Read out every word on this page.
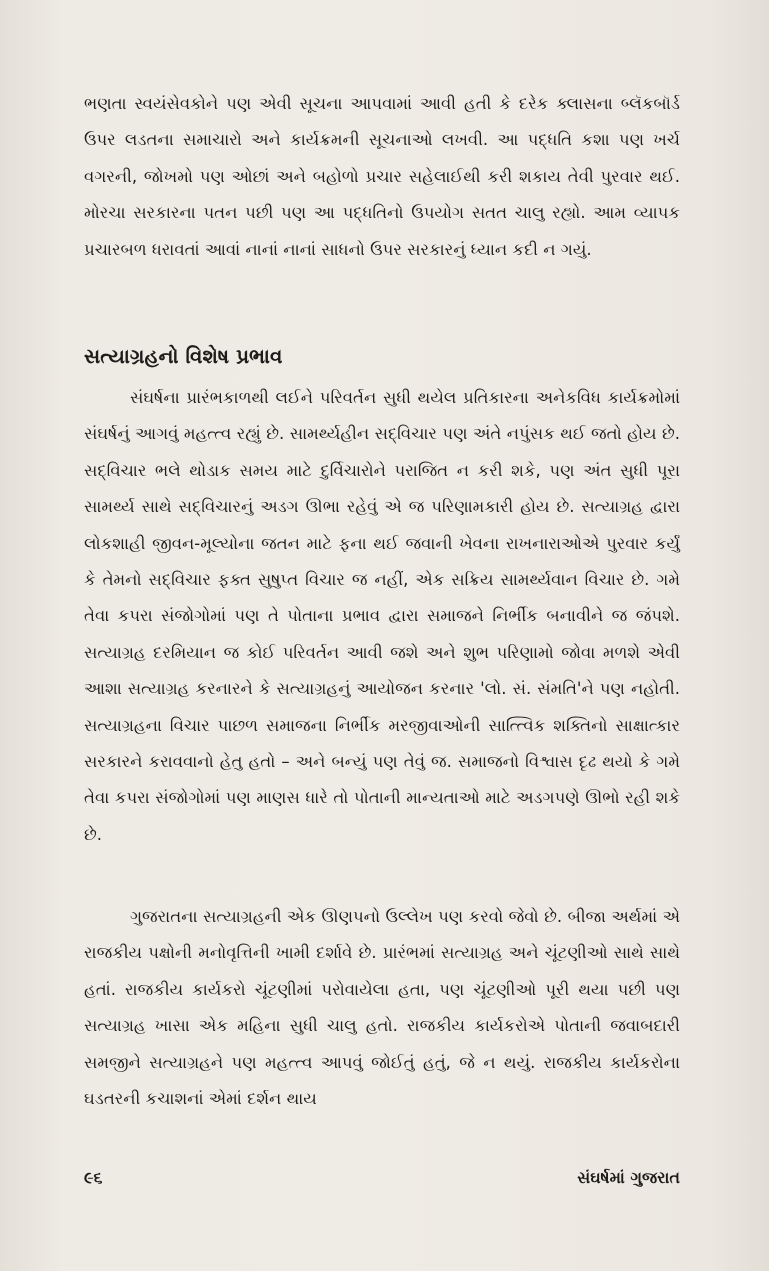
ભણતા સ્વયંસેવકોને પણ એવી સૂચના આપવામાં આવી હતી કે દરેક ક્લાસના બ્લૅકબૉર્ડ ઉપર લડતના સમાચારો અને કાર્યક્રમની સૂચનાઓ લખવી. આ પદ્ધતિ કશા પણ ખર્ચ વગરની, જોખમો પણ ઓછાં અને બહોળો પ્રચાર સહેલાઈથી કરી શકાય તેવી પુરવાર થઈ. મોરચા સરકારના પતન પછી પણ આ પદ્ધતિનો ઉપયોગ સતત ચાલુ રહ્યો. આમ વ્યાપક પ્રચારબળ ધરાવતાં આવાં નાનાં નાનાં સાધનો ઉપર સરકારનું ધ્યાન કદી ન ગયું.

સત્યાગ્રહનો વિશેષ પ્રભાવ

સંઘર્ષના પ્રારંભકાળથી લઈને પરિવર્તન સુધી થયેલ પ્રતિકારના અનેકવિધ કાર્યક્રમોમાં સંઘર્ષનું આગવું મહત્ત્વ રહ્યું છે. સામર્થ્યહીન સદ્‌વિચાર પણ અંતે નપુંસક થઈ જતો હોય છે. સદ્‌વિચાર ભલે થોડાક સમય માટે દુર્વિચારોને પરાજિત ન કરી શકે, પણ અંત સુધી પૂરા સામર્થ્ય સાથે સદ્‌વિચારનું અડગ ઊભા રહેવું એ જ પરિણામકારી હોય છે. સત્યાગ્રહ દ્વારા લોકશાહી જીવન-મૂલ્યોના જતન માટે ફના થઈ જવાની ખેવના રાખનારાઓએ પુરવાર કર્યું કે તેમનો સદ્‌વિચાર ફક્ત સુષુપ્ત વિચાર જ નહીં, એક સક્રિય સામર્થ્યવાન વિચાર છે. ગમે તેવા કપરા સંજોગોમાં પણ તે પોતાના પ્રભાવ દ્વારા સમાજને નિર્ભીક બનાવીને જ જંપશે. સત્યાગ્રહ દરમિયાન જ કોઈ પરિવર્તન આવી જશે અને શુભ પરિણામો જોવા મળશે એવી આશા સત્યાગ્રહ કરનારને કે સત્યાગ્રહનું આયોજન કરનાર 'લો. સં. સંમતિ'ને પણ નહોતી. સત્યાગ્રહના વિચાર પાછળ સમાજના નિર્ભીક મરજીવાઓની સાત્ત્વિક શક્તિનો સાક્ષાત્કાર સરકારને કરાવવાનો હેતુ હતો – અને બન્યું પણ તેવું જ. સમાજનો વિશ્વાસ દૃઢ થયો કે ગમે તેવા કપરા સંજોગોમાં પણ માણસ ધારે તો પોતાની માન્યતાઓ માટે અડગપણે ઊભો રહી શકે છે.

ગુજરાતના સત્યાગ્રહની એક ઊણપનો ઉલ્લેખ પણ કરવો જેવો છે. બીજા અર્થમાં એ રાજકીય પક્ષોની મનોવૃત્તિની ખામી દર્શાવે છે. પ્રારંભમાં સત્યાગ્રહ અને ચૂંટણીઓ સાથે સાથે હતાં. રાજકીય કાર્યકરો ચૂંટણીમાં પરોવાયેલા હતા, પણ ચૂંટણીઓ પૂરી થયા પછી પણ સત્યાગ્રહ ખાસા એક મહિના સુધી ચાલુ હતો. રાજકીય કાર્યકરોએ પોતાની જવાબદારી સમજીને સત્યાગ્રહને પણ મહત્ત્વ આપવું જોઈતું હતું, જે ન થયું. રાજકીય કાર્યકરોના ઘડતરની કચાશનાં એમાં દર્શન થાય

૯૬	સંઘર્ષમાં ગુજરાત
